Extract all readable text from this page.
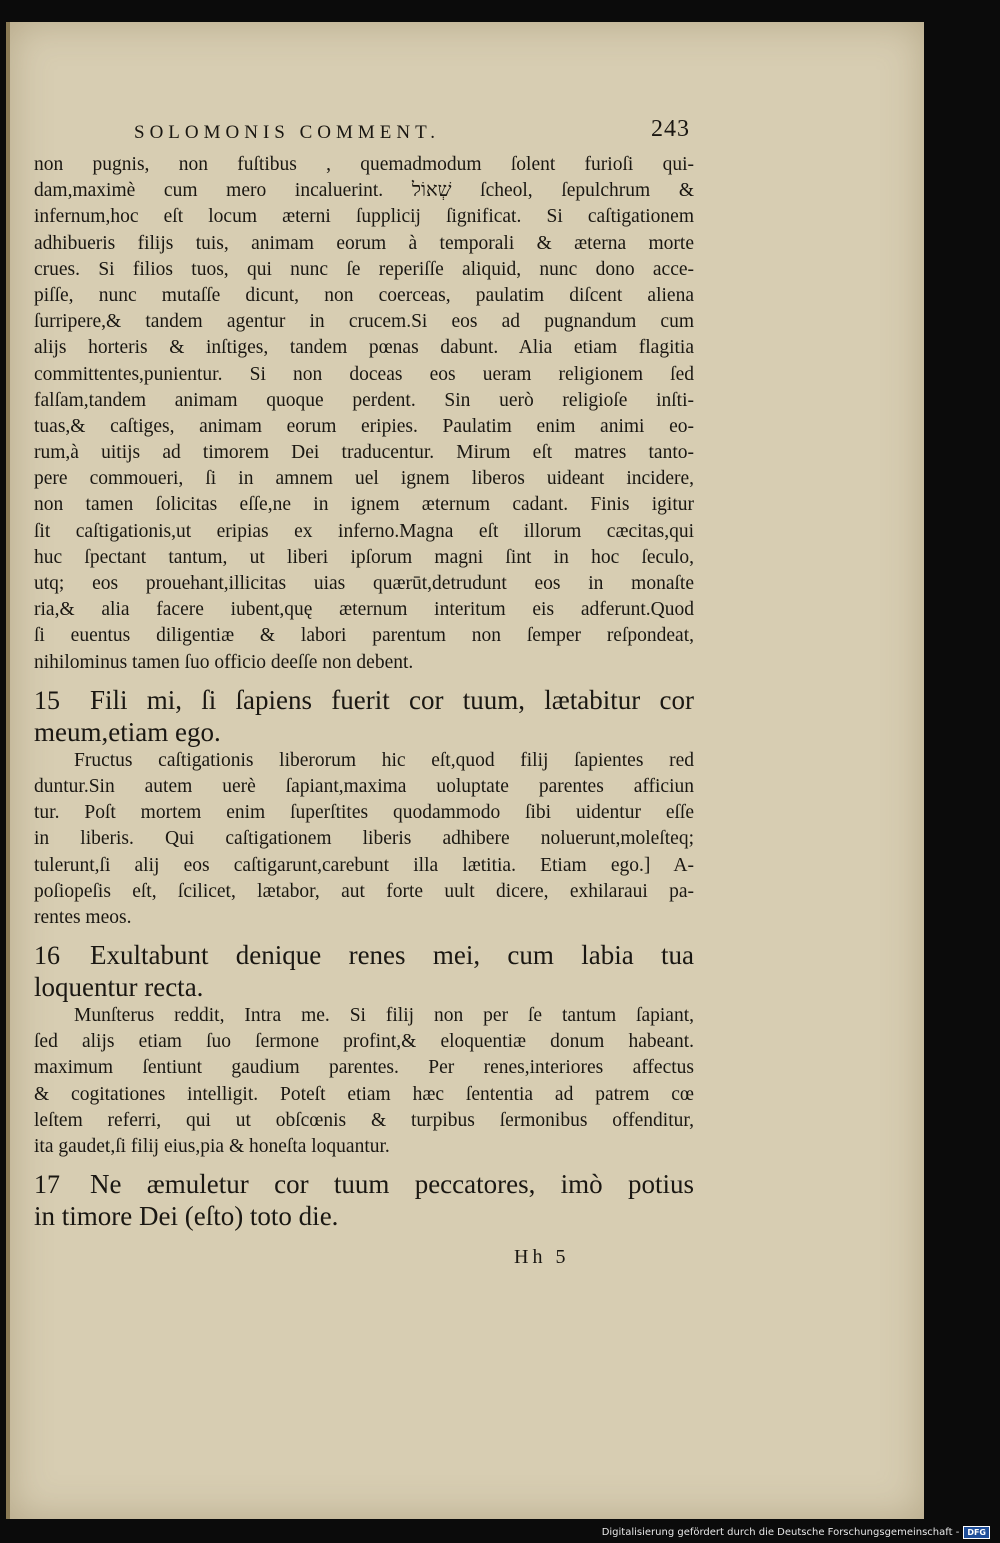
SOLOMONIS COMMENT.	243
non pugnis, non fuſtibus , quemadmodum ſolent furioſi qui-
dam,maximè cum mero incaluerint. שְׁאוֹל ſcheol, ſepulchrum &
infernum,hoc eſt locum æterni ſupplicij ſignificat. Si caſtigationem
adhibueris filijs tuis, animam eorum à temporali & æterna morte
crues. Si filios tuos, qui nunc ſe reperiſſe aliquid, nunc dono acce-
piſſe, nunc mutaſſe dicunt, non coerceas, paulatim diſcent aliena
ſurripere,& tandem agentur in crucem.Si eos ad pugnandum cum
alijs horteris & inſtiges, tandem pœnas dabunt. Alia etiam flagitia
committentes,punientur. Si non doceas eos ueram religionem ſed
falſam,tandem animam quoque perdent. Sin uerò religioſe inſti-
tuas,& caſtiges, animam eorum eripies. Paulatim enim animi eo-
rum,à uitijs ad timorem Dei traducentur. Mirum eſt matres tanto-
pere commoueri, ſi in amnem uel ignem liberos uideant incidere,
non tamen ſolicitas eſſe,ne in ignem æternum cadant. Finis igitur
ſit caſtigationis,ut eripias ex inferno.Magna eſt illorum cæcitas,qui
huc ſpectant tantum, ut liberi ipſorum magni ſint in hoc ſeculo,
utq; eos prouehant,illicitas uias quærūt,detrudunt eos in monaſte
ria,& alia facere iubent,quę æternum interitum eis adferunt.Quod
ſi euentus diligentiæ & labori parentum non ſemper reſpondeat,
nihilominus tamen ſuo officio deeſſe non debent.
15	Fili mi, ſi ſapiens fuerit cor tuum, lætabitur cor
meum,etiam ego.
Fructus caſtigationis liberorum hic eſt,quod filij ſapientes red
duntur.Sin autem uerè ſapiant,maxima uoluptate parentes afficiun
tur. Poſt mortem enim ſuperſtites quodammodo ſibi uidentur eſſe
in liberis. Qui caſtigationem liberis adhibere noluerunt,moleſteq;
tulerunt,ſi alij eos caſtigarunt,carebunt illa lætitia. Etiam ego.] A-
poſiopeſis eſt, ſcilicet, lætabor, aut forte uult dicere, exhilaraui pa-
rentes meos.
16	Exultabunt denique renes mei, cum labia tua
loquentur recta.
Munſterus reddit, Intra me. Si filij non per ſe tantum ſapiant,
ſed alijs etiam ſuo ſermone profint,& eloquentiæ donum habeant.
maximum ſentiunt gaudium parentes. Per renes,interiores affectus
& cogitationes intelligit. Poteſt etiam hæc ſententia ad patrem cœ
leſtem referri, qui ut obſcœnis & turpibus ſermonibus offenditur,
ita gaudet,ſi filij eius,pia & honeſta loquantur.
17	Ne æmuletur cor tuum peccatores, imò potius
in timore Dei (eſto) toto die.
Hh 5
Digitalisierung gefördert durch die Deutsche Forschungsgemeinschaft -	DFG
